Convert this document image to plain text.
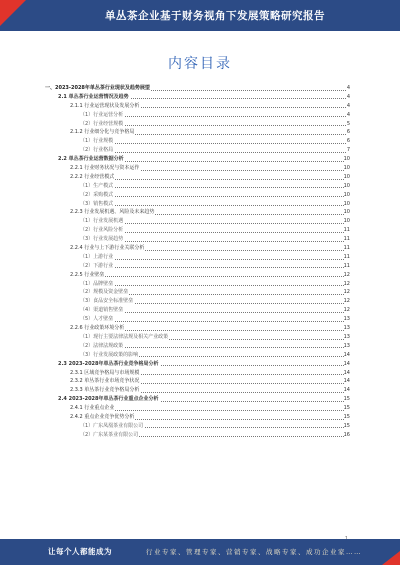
单丛茶企业基于财务视角下发展策略研究报告
内容目录
一、2023-2028年单丛茶行业现状及趋势展望	4
2.1 单丛茶行业运营情况及趋势	4
2.1.1 行业运营现状及发展分析	4
（1）行业运营分析	4
（2）行业经营规模	5
2.1.2 行业细分化与竞争格局	6
（1）行业规模	6
（2）行业格局	7
2.2 单丛茶行业运营数据分析	10
2.2.1 行业财务状况与资本运作	10
2.2.2 行业经营模式	10
（1）生产模式	10
（2）采购模式	10
（3）销售模式	10
2.2.3 行业发展机遇、风险及未来趋势	10
（1）行业发展机遇	10
（2）行业风险分析	11
（3）行业发展趋势	11
2.2.4 行业与上下游行业关联分析	11
（1）上游行业	11
（2）下游行业	11
2.2.5 行业壁垒	12
（1）品牌壁垒	12
（2）规模及资金壁垒	12
（3）食品安全标准壁垒	12
（4）渠道销售壁垒	12
（5）人才壁垒	13
2.2.6 行业政策环境分析	13
（1）现行主要法律法规及相关产业政策	13
（2）法律法规政策	13
（3）行业发展政策的影响	14
2.3 2023-2028年单丛茶行业竞争格局分析	14
2.3.1 区域竞争格局与市场规模	14
2.3.2 单丛茶行业市场竞争状况	14
2.3.3 单丛茶行业竞争格局分析	14
2.4 2023-2028年单丛茶行业重点企业分析	15
2.4.1 行业重点企业	15
2.4.2 重点企业竞争优势分析	15
（1）广东凤凰茶业有限公司	15
（2）广东某茶业有限公司	16
让每个人都能成为	行业专家、管理专家、营销专家、战略专家、成功企业家……
